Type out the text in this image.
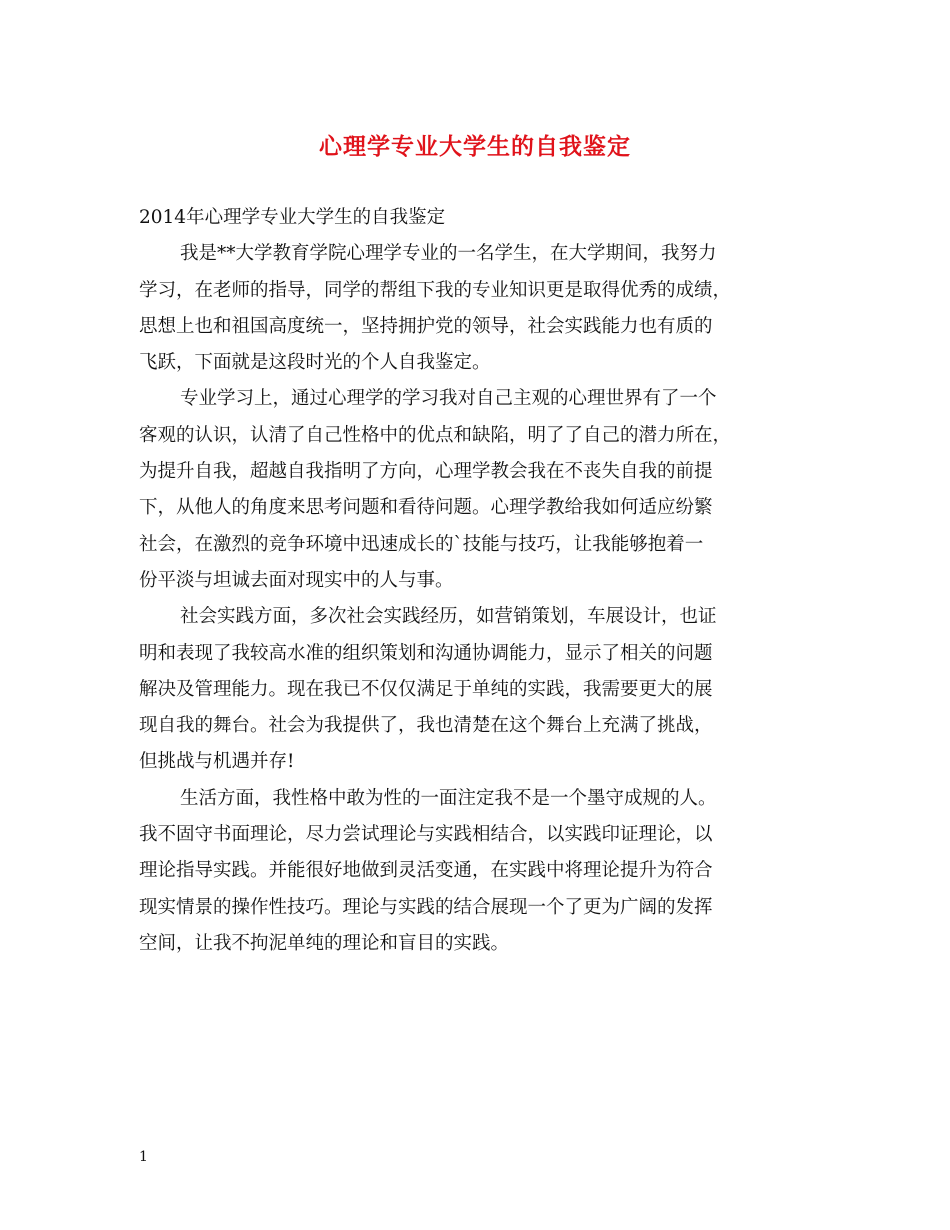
心理学专业大学生的自我鉴定
2014年心理学专业大学生的自我鉴定
我是**大学教育学院心理学专业的一名学生，在大学期间，我努力
学习，在老师的指导，同学的帮组下我的专业知识更是取得优秀的成绩，
思想上也和祖国高度统一，坚持拥护党的领导，社会实践能力也有质的
飞跃，下面就是这段时光的个人自我鉴定。
专业学习上，通过心理学的学习我对自己主观的心理世界有了一个
客观的认识，认清了自己性格中的优点和缺陷，明了了自己的潜力所在，
为提升自我，超越自我指明了方向，心理学教会我在不丧失自我的前提
下，从他人的角度来思考问题和看待问题。心理学教给我如何适应纷繁
社会，在激烈的竞争环境中迅速成长的`技能与技巧，让我能够抱着一
份平淡与坦诚去面对现实中的人与事。
社会实践方面，多次社会实践经历，如营销策划，车展设计，也证
明和表现了我较高水准的组织策划和沟通协调能力，显示了相关的问题
解决及管理能力。现在我已不仅仅满足于单纯的实践，我需要更大的展
现自我的舞台。社会为我提供了，我也清楚在这个舞台上充满了挑战，
但挑战与机遇并存!
生活方面，我性格中敢为性的一面注定我不是一个墨守成规的人。
我不固守书面理论，尽力尝试理论与实践相结合，以实践印证理论，以
理论指导实践。并能很好地做到灵活变通，在实践中将理论提升为符合
现实情景的操作性技巧。理论与实践的结合展现一个了更为广阔的发挥
空间，让我不拘泥单纯的理论和盲目的实践。
1
